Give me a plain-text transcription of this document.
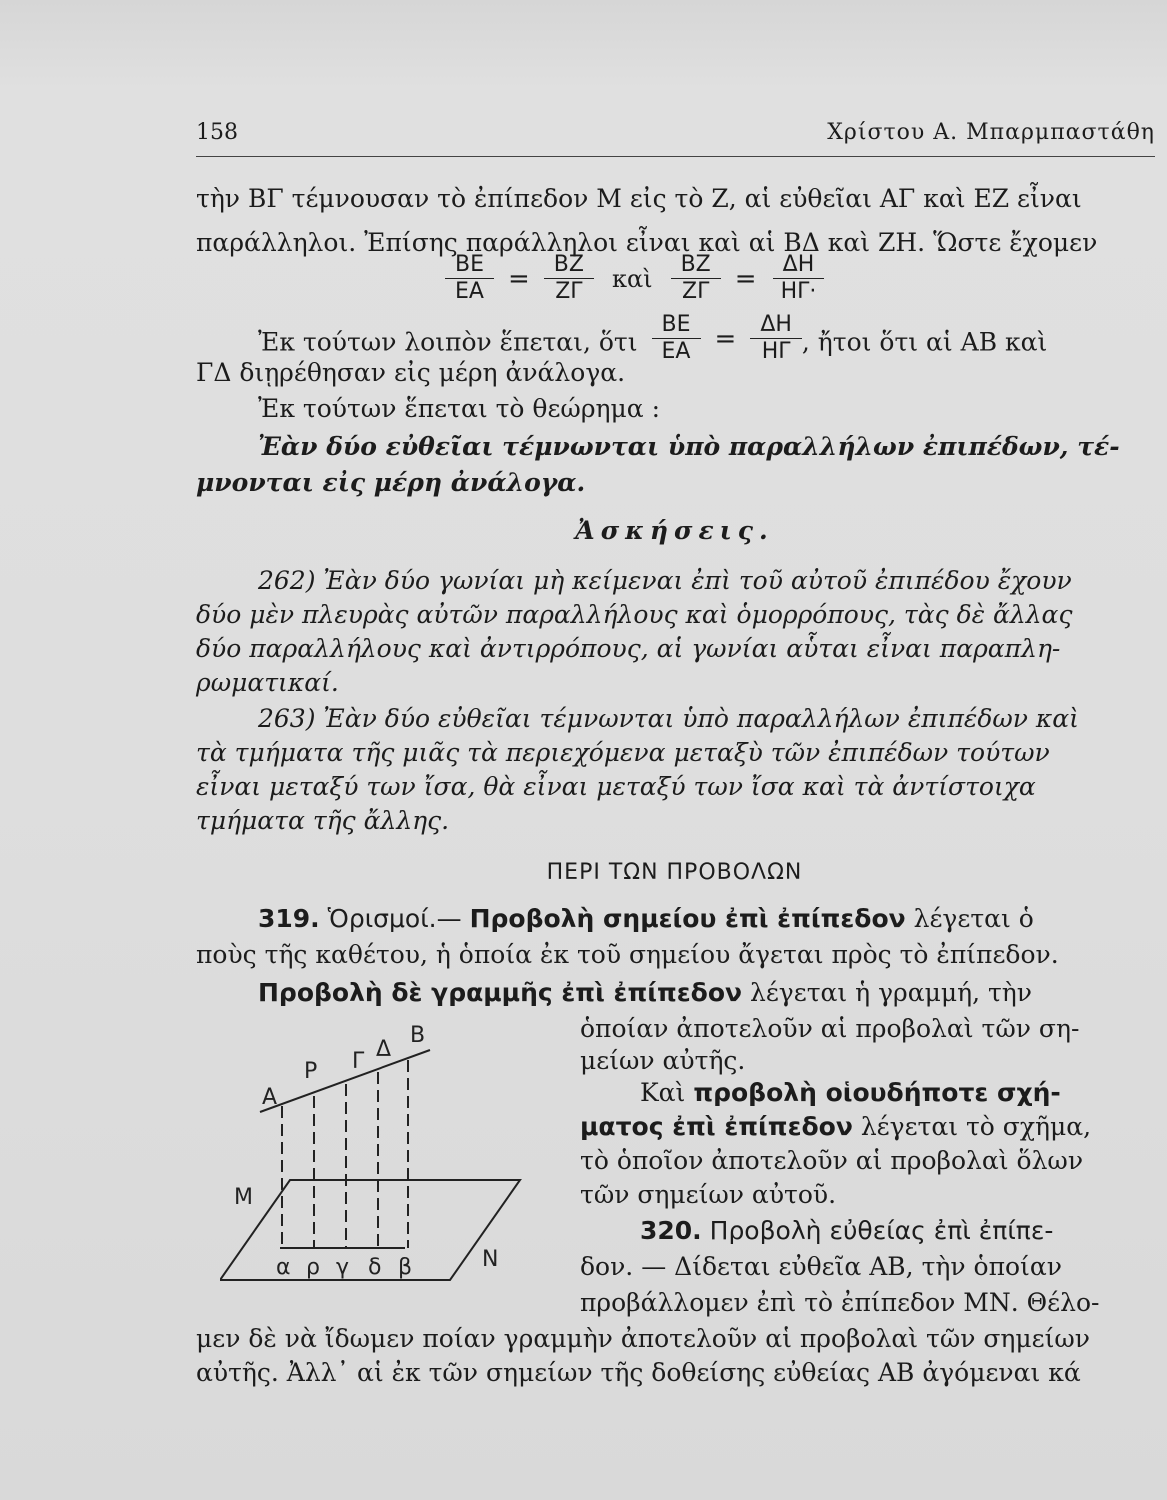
158	Χρίστου Α. Μπαρμπαστάθη
τὴν ΒΓ τέμνουσαν τὸ ἐπίπεδον Μ εἰς τὸ Ζ, αἱ εὐθεῖαι ΑΓ καὶ ΕΖ εἶναι
παράλληλοι. Ἐπίσης παράλληλοι εἶναι καὶ αἱ ΒΔ καὶ ΖΗ. Ὥστε ἔχομεν
$\frac{BE}{EA} = \frac{BZ}{Z\Gamma}$ καὶ $\frac{BZ}{Z\Gamma} = \frac{\Delta H}{H\Gamma\cdot}$
Ἐκ τούτων λοιπὸν ἕπεται, ὅτι $\frac{BE}{EA} = \frac{\Delta H}{H\Gamma}$ , ἤτοι ὅτι αἱ ΑΒ καὶ
ΓΔ διῃρέθησαν εἰς μέρη ἀνάλογα.
Ἐκ τούτων ἕπεται τὸ θεώρημα :
Ἐὰν δύο εὐθεῖαι τέμνωνται ὑπὸ παραλλήλων ἐπιπέδων, τέ-
μνονται εἰς μέρη ἀνάλογα.
Ἀσκήσεις.
262) Ἐὰν δύο γωνίαι μὴ κείμεναι ἐπὶ τοῦ αὐτοῦ ἐπιπέδου ἔχουν
δύο μὲν πλευρὰς αὐτῶν παραλλήλους καὶ ὁμορρόπους, τὰς δὲ ἄλλας
δύο παραλλήλους καὶ ἀντιρρόπους, αἱ γωνίαι αὗται εἶναι παραπλη-
ρωματικαί.
263) Ἐὰν δύο εὐθεῖαι τέμνωνται ὑπὸ παραλλήλων ἐπιπέδων καὶ
τὰ τμήματα τῆς μιᾶς τὰ περιεχόμενα μεταξὺ τῶν ἐπιπέδων τούτων
εἶναι μεταξύ των ἴσα, θὰ εἶναι μεταξύ των ἴσα καὶ τὰ ἀντίστοιχα
τμήματα τῆς ἄλλης.
ΠΕΡΙ ΤΩΝ ΠΡΟΒΟΛΩΝ
319. Ὁρισμοί.— Προβολὴ σημείου ἐπὶ ἐπίπεδον λέγεται ὁ
ποὺς τῆς καθέτου, ἡ ὁποία ἐκ τοῦ σημείου ἄγεται πρὸς τὸ ἐπίπεδον.
Προβολὴ δὲ γραμμῆς ἐπὶ ἐπίπεδον λέγεται ἡ γραμμή, τὴν
ὁποίαν ἀποτελοῦν αἱ προβολαὶ τῶν ση-
μείων αὐτῆς.
Καὶ προβολὴ οἱουδήποτε σχή-
ματος ἐπὶ ἐπίπεδον λέγεται τὸ σχῆμα,
τὸ ὁποῖον ἀποτελοῦν αἱ προβολαὶ ὅλων
τῶν σημείων αὐτοῦ.
320. Προβολὴ εὐθείας ἐπὶ ἐπίπε-
δον. — Δίδεται εὐθεῖα ΑΒ, τὴν ὁποίαν
προβάλλομεν ἐπὶ τὸ ἐπίπεδον ΜΝ. Θέλο-
μεν δὲ νὰ ἴδωμεν ποίαν γραμμὴν ἀποτελοῦν αἱ προβολαὶ τῶν σημείων
αὐτῆς. Ἀλλ᾿ αἱ ἐκ τῶν σημείων τῆς δοθείσης εὐθείας ΑΒ ἀγόμεναι κά
A
P Γ Δ
B
M
N
α ρ γ δ β
